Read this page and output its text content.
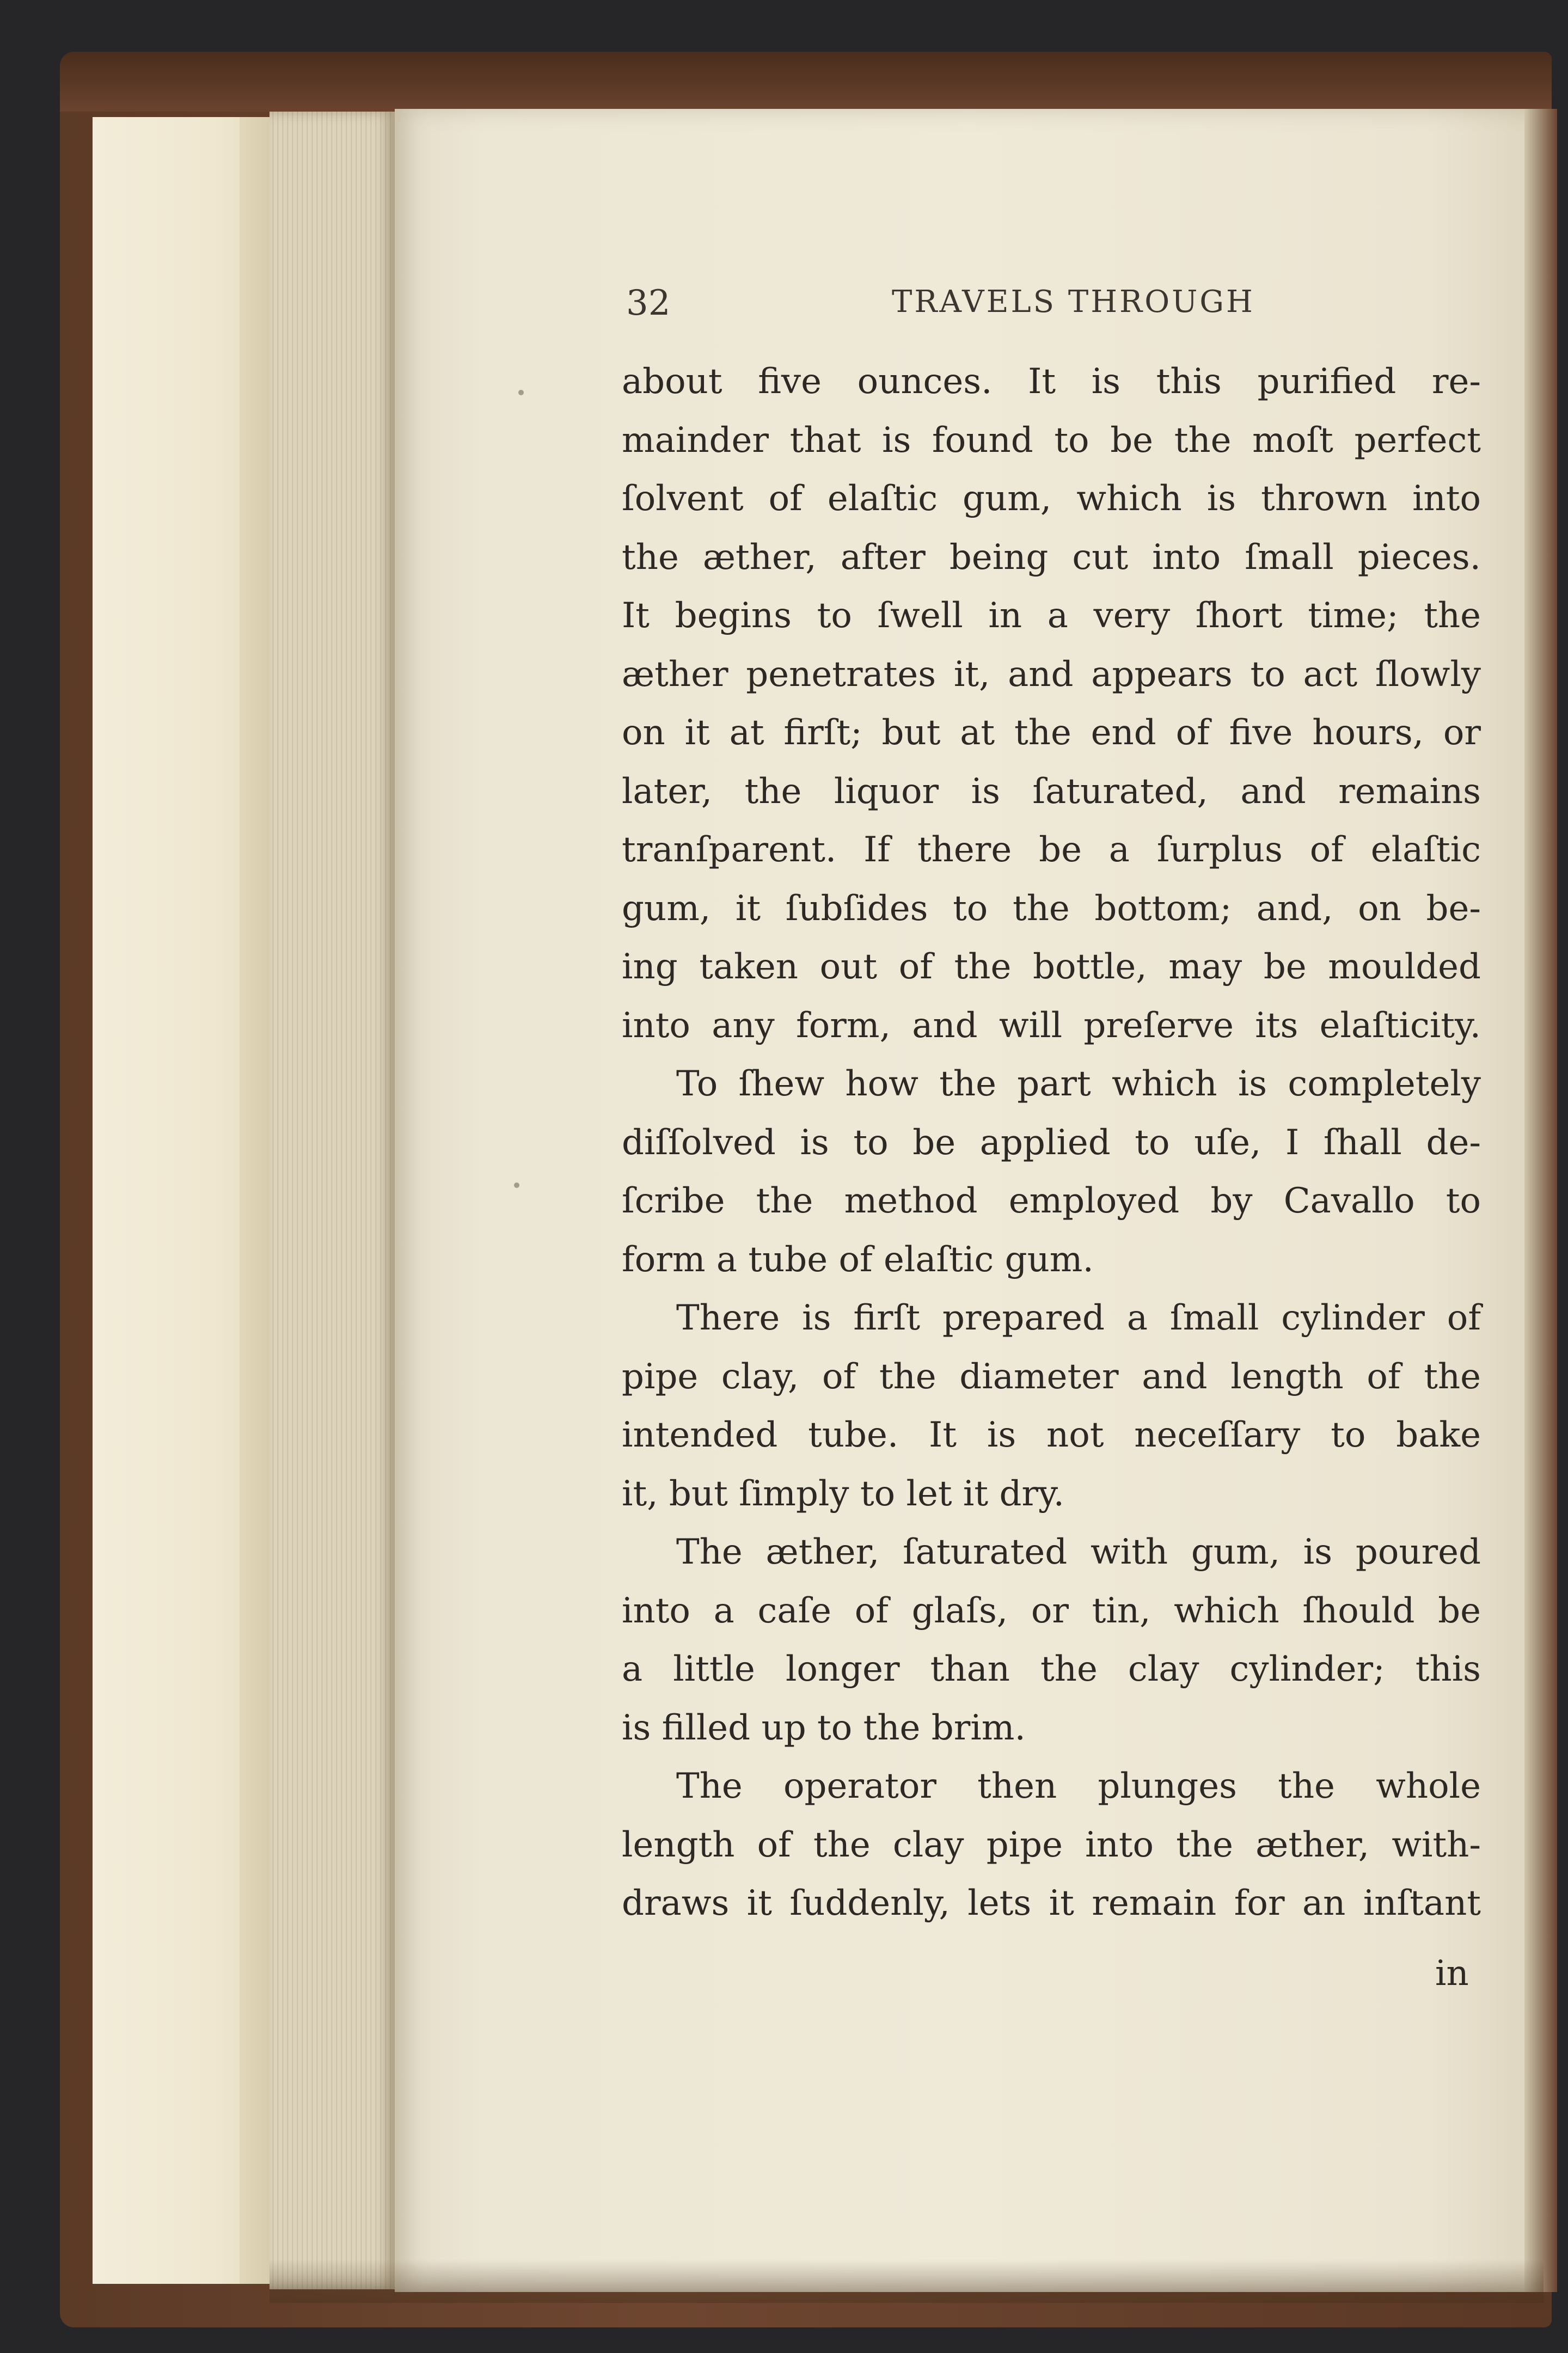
32	TRAVELS THROUGH
about five ounces. It is this purified re-
mainder that is found to be the moſt perfect
ſolvent of elaſtic gum, which is thrown into
the æther, after being cut into ſmall pieces.
It begins to ſwell in a very ſhort time; the
æther penetrates it, and appears to act ſlowly
on it at firſt; but at the end of five hours, or
later, the liquor is ſaturated, and remains
tranſparent. If there be a ſurplus of elaſtic
gum, it ſubſides to the bottom; and, on be-
ing taken out of the bottle, may be moulded
into any form, and will preſerve its elaſticity.
To ſhew how the part which is completely
diſſolved is to be applied to uſe, I ſhall de-
ſcribe the method employed by Cavallo to
form a tube of elaſtic gum.
There is firſt prepared a ſmall cylinder of
pipe clay, of the diameter and length of the
intended tube. It is not neceſſary to bake
it, but ſimply to let it dry.
The æther, ſaturated with gum, is poured
into a caſe of glaſs, or tin, which ſhould be
a little longer than the clay cylinder; this
is filled up to the brim.
The operator then plunges the whole
length of the clay pipe into the æther, with-
draws it ſuddenly, lets it remain for an inſtant
in
